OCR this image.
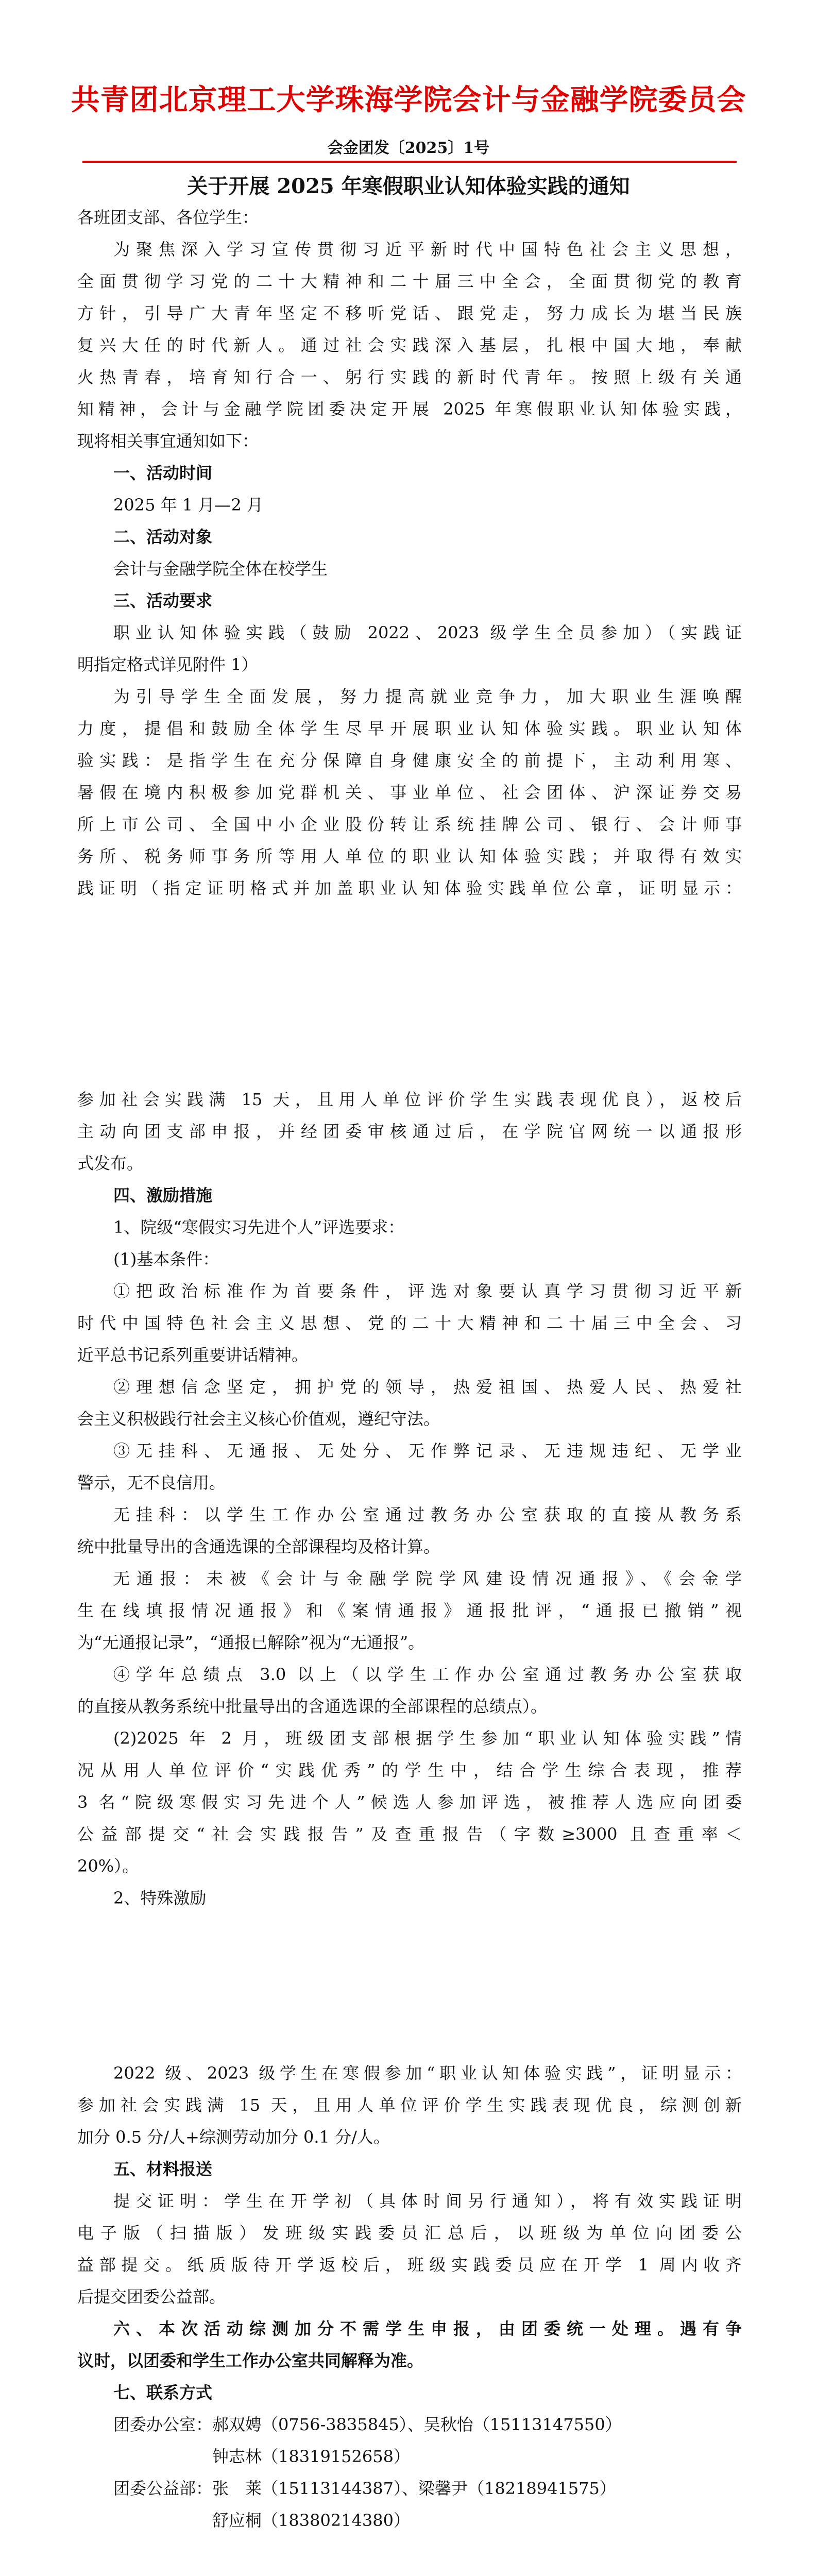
共青团北京理工大学珠海学院会计与金融学院委员会
会金团发〔2025〕1号
关于开展 2025 年寒假职业认知体验实践的通知
各班团支部、各位学生：
为聚焦深入学习宣传贯彻习近平新时代中国特色社会主义思想，
全面贯彻学习党的二十大精神和二十届三中全会，全面贯彻党的教育
方针，引导广大青年坚定不移听党话、跟党走，努力成长为堪当民族
复兴大任的时代新人。通过社会实践深入基层，扎根中国大地，奉献
火热青春，培育知行合一、躬行实践的新时代青年。按照上级有关通
知精神，会计与金融学院团委决定开展 2025 年寒假职业认知体验实践，
现将相关事宜通知如下：
一、活动时间
2025 年 1 月—2 月
二、活动对象
会计与金融学院全体在校学生
三、活动要求
职业认知体验实践（鼓励 2022、2023 级学生全员参加）（实践证
明指定格式详见附件 1）
为引导学生全面发展，努力提高就业竞争力，加大职业生涯唤醒
力度，提倡和鼓励全体学生尽早开展职业认知体验实践。职业认知体
验实践：是指学生在充分保障自身健康安全的前提下，主动利用寒、
暑假在境内积极参加党群机关、事业单位、社会团体、沪深证券交易
所上市公司、全国中小企业股份转让系统挂牌公司、银行、会计师事
务所、税务师事务所等用人单位的职业认知体验实践；并取得有效实
践证明（指定证明格式并加盖职业认知体验实践单位公章，证明显示：
参加社会实践满 15 天，且用人单位评价学生实践表现优良），返校后
主动向团支部申报，并经团委审核通过后，在学院官网统一以通报形
式发布。
四、激励措施
1、院级“寒假实习先进个人”评选要求：
(1)基本条件：
①把政治标准作为首要条件，评选对象要认真学习贯彻习近平新
时代中国特色社会主义思想、党的二十大精神和二十届三中全会、习
近平总书记系列重要讲话精神。
②理想信念坚定，拥护党的领导，热爱祖国、热爱人民、热爱社
会主义积极践行社会主义核心价值观，遵纪守法。
③无挂科、无通报、无处分、无作弊记录、无违规违纪、无学业
警示，无不良信用。
无挂科：以学生工作办公室通过教务办公室获取的直接从教务系
统中批量导出的含通选课的全部课程均及格计算。
无通报：未被《会计与金融学院学风建设情况通报》、《会金学
生在线填报情况通报》和《案情通报》通报批评，“通报已撤销”视
为“无通报记录”，“通报已解除”视为“无通报”。
④学年总绩点 3.0 以上（以学生工作办公室通过教务办公室获取
的直接从教务系统中批量导出的含通选课的全部课程的总绩点）。
(2)2025 年 2 月，班级团支部根据学生参加“职业认知体验实践”情
况从用人单位评价“实践优秀”的学生中，结合学生综合表现，推荐
3 名“院级寒假实习先进个人”候选人参加评选，被推荐人选应向团委
公益部提交“社会实践报告”及查重报告（字数≥3000 且查重率＜
20%）。
2、特殊激励
2022 级、2023 级学生在寒假参加“职业认知体验实践”，证明显示：
参加社会实践满 15 天，且用人单位评价学生实践表现优良，综测创新
加分 0.5 分/人+综测劳动加分 0.1 分/人。
五、材料报送
提交证明：学生在开学初（具体时间另行通知），将有效实践证明
电子版（扫描版）发班级实践委员汇总后，以班级为单位向团委公
益部提交。纸质版待开学返校后，班级实践委员应在开学 1 周内收齐
后提交团委公益部。
六、本次活动综测加分不需学生申报，由团委统一处理。遇有争
议时，以团委和学生工作办公室共同解释为准。
七、联系方式
团委办公室： 郝双娉（0756-3835845）、吴秋怡（15113147550）
钟志林（18319152658）
团委公益部： 张　莱（15113144387）、梁馨尹（18218941575）
舒应桐（18380214380）
